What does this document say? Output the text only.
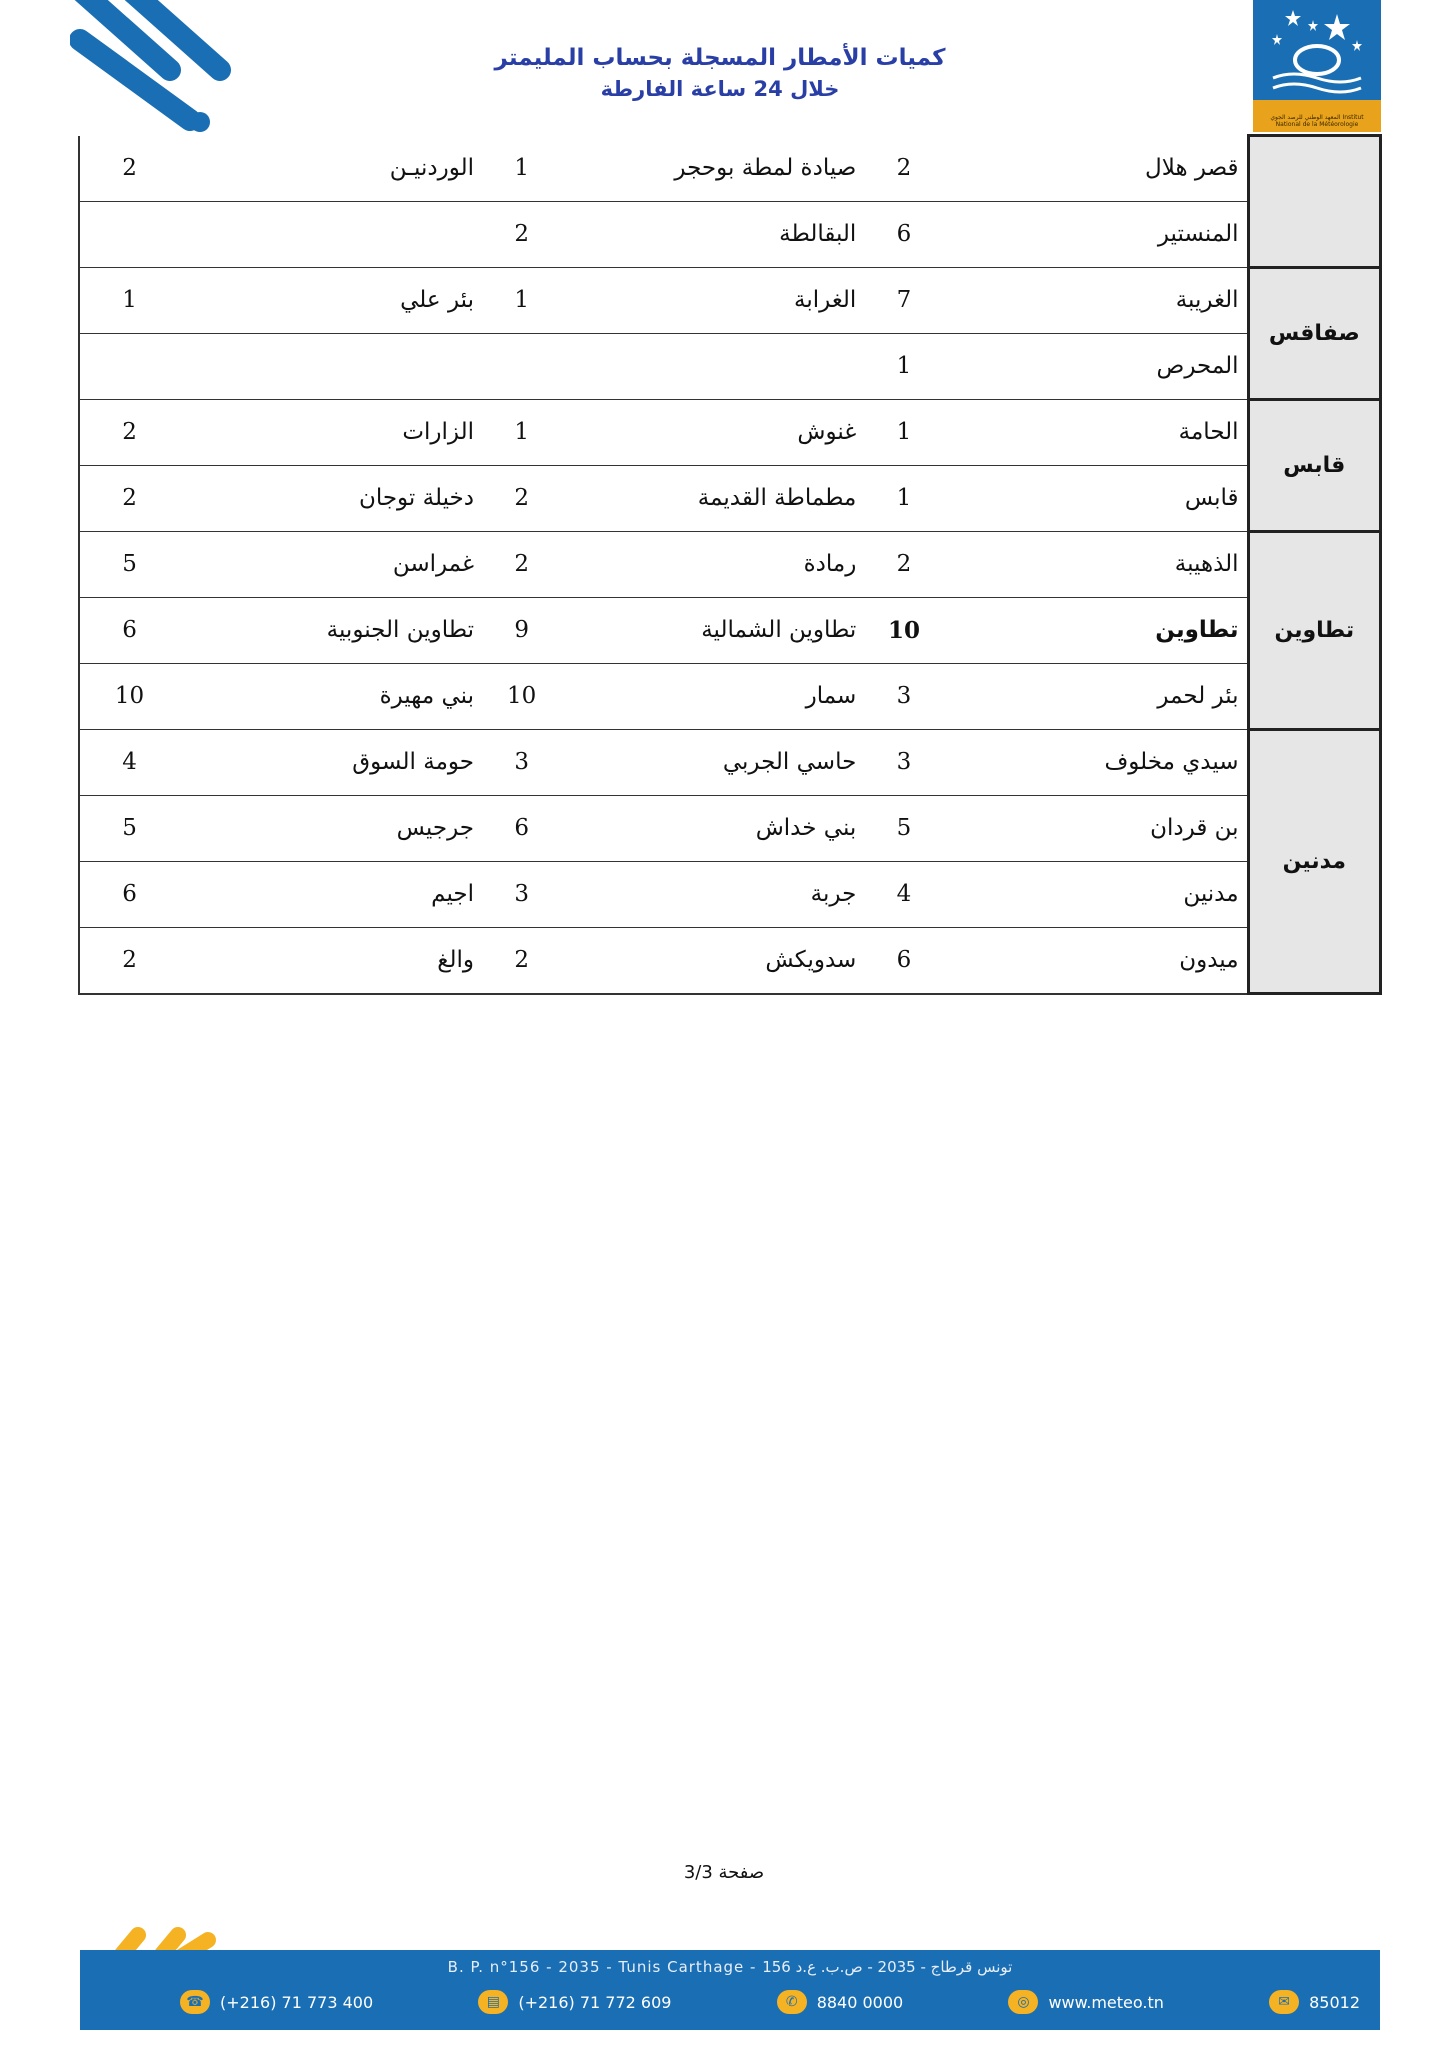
كميات الأمطار المسجلة بحساب المليمتر
خلال 24 ساعة الفارطة
المعهد الوطني للرصد الجوي Institut National de la Météorologie
	قصر هلال	2	صيادة لمطة بوحجر	1	الوردنيـن	2
	المنستير	6	البقالطة	2		
صفاقس	الغريبة	7	الغرابة	1	بئر علي	1
	المحرص	1				
قابس	الحامة	1	غنوش	1	الزارات	2
	قابس	1	مطماطة القديمة	2	دخيلة توجان	2
تطاوين	الذهيبة	2	رمادة	2	غمراسن	5
	تطاوين	10	تطاوين الشمالية	9	تطاوين الجنوبية	6
	بئر لحمر	3	سمار	10	بني مهيرة	10
مدنين	سيدي مخلوف	3	حاسي الجربي	3	حومة السوق	4
	بن قردان	5	بني خداش	6	جرجيس	5
	مدنين	4	جربة	3	اجيم	6
	ميدون	6	سدويكش	2	والغ	2
صفحة 3/3
B. P. n°156 - 2035 - Tunis Carthage - تونس قرطاج - 2035 - ص.ب. ع.د 156
☎	(+216) 71 773 400	▤	(+216) 71 772 609	✆	8840 0000	◎	www.meteo.tn	✉	85012
